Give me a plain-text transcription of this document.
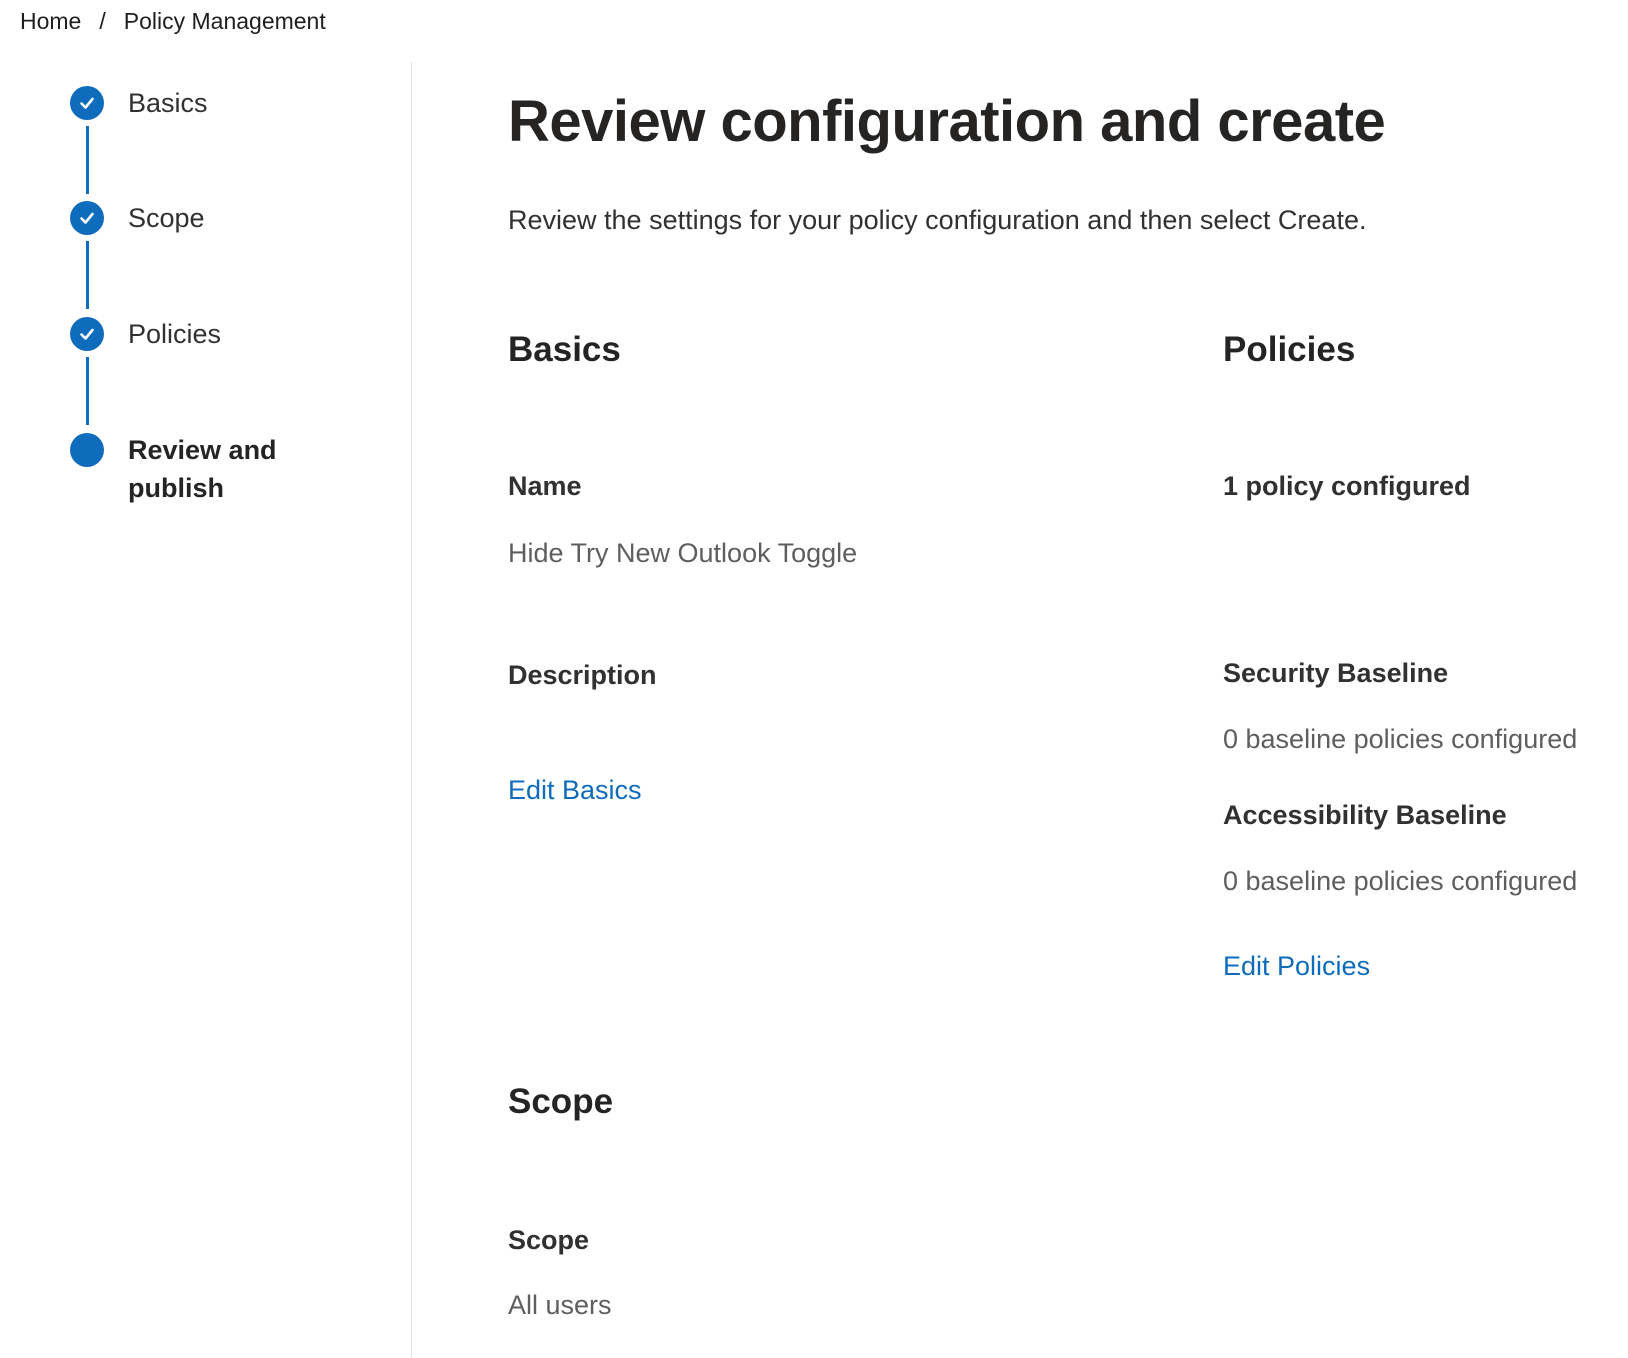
Home / Policy Management
Basics
Scope
Policies
Review and publish
Review configuration and create

Review the settings for your policy configuration and then select Create.

Basics
Name
Hide Try New Outlook Toggle
Description
Edit Basics
Policies
1 policy configured
Security Baseline
0 baseline policies configured
Accessibility Baseline
0 baseline policies configured
Edit Policies
Scope
Scope
All users
